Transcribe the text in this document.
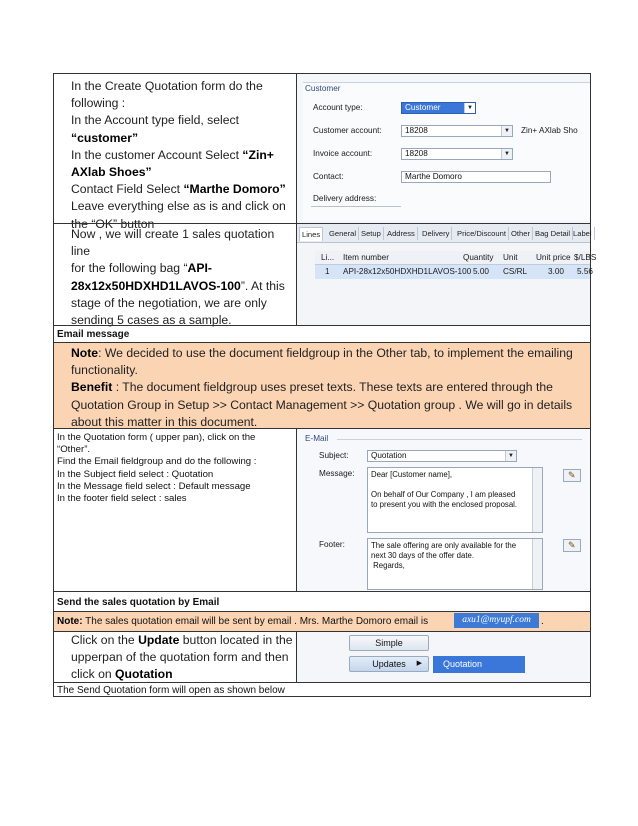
In the Create Quotation form do the
following :
In the Account type field, select
“customer”
In the customer Account Select “Zin+
AXlab Shoes”
Contact Field Select “Marthe Domoro”
Leave everything else as is and click on
the “OK” button
Customer
Account type:	Customer	▼
Customer account:	18208	▼ Zin+ AXlab Sho
Invoice account:	18208	▼
Contact:	Marthe Domoro
Delivery address:
Now , we will create 1 sales quotation line
for the following bag “API-
28x12x50HDXHD1LAVOS-100”. At this
stage of the negotiation, we are only
sending 5 cases as a sample.
Lines	General Setup Address Delivery Price/Discount Other Bag Detail Label
Li... Item number	Quantity Unit Unit price $/LBS
1 API-28x12x50HDXHD1LAVOS-100 5.00 CS/RL	3.00 5.56
Email message
Note: We decided to use the document fieldgroup in the Other tab, to implement the emailing
functionality.
Benefit : The document fieldgroup uses preset texts. These texts are entered through the
Quotation Group in Setup >> Contact Management >> Quotation group . We will go in details
about this matter in this document.
In the Quotation form ( upper pan), click on the
“Other”.
Find the Email fieldgroup and do the following :
In the Subject field select : Quotation
In the Message field select : Default message
In the footer field select : sales
E-Mail
Subject:	Quotation	▼
Message: Dear [Customer name],
On behalf of Our Company , I am pleased
to present you with the enclosed proposal.
✎
Footer:	The sale offering are only available for the
next 30 days of the offer date.
Regards,
✎
Send the sales quotation by Email
Note: The sales quotation email will be sent by email . Mrs. Marthe Domoro email is	axu1@myupf.com	.
Click on the Update button located in the
upperpan of the quotation form and then
click on Quotation
Simple
Updates ▶	Quotation
The Send Quotation form will open as shown below
